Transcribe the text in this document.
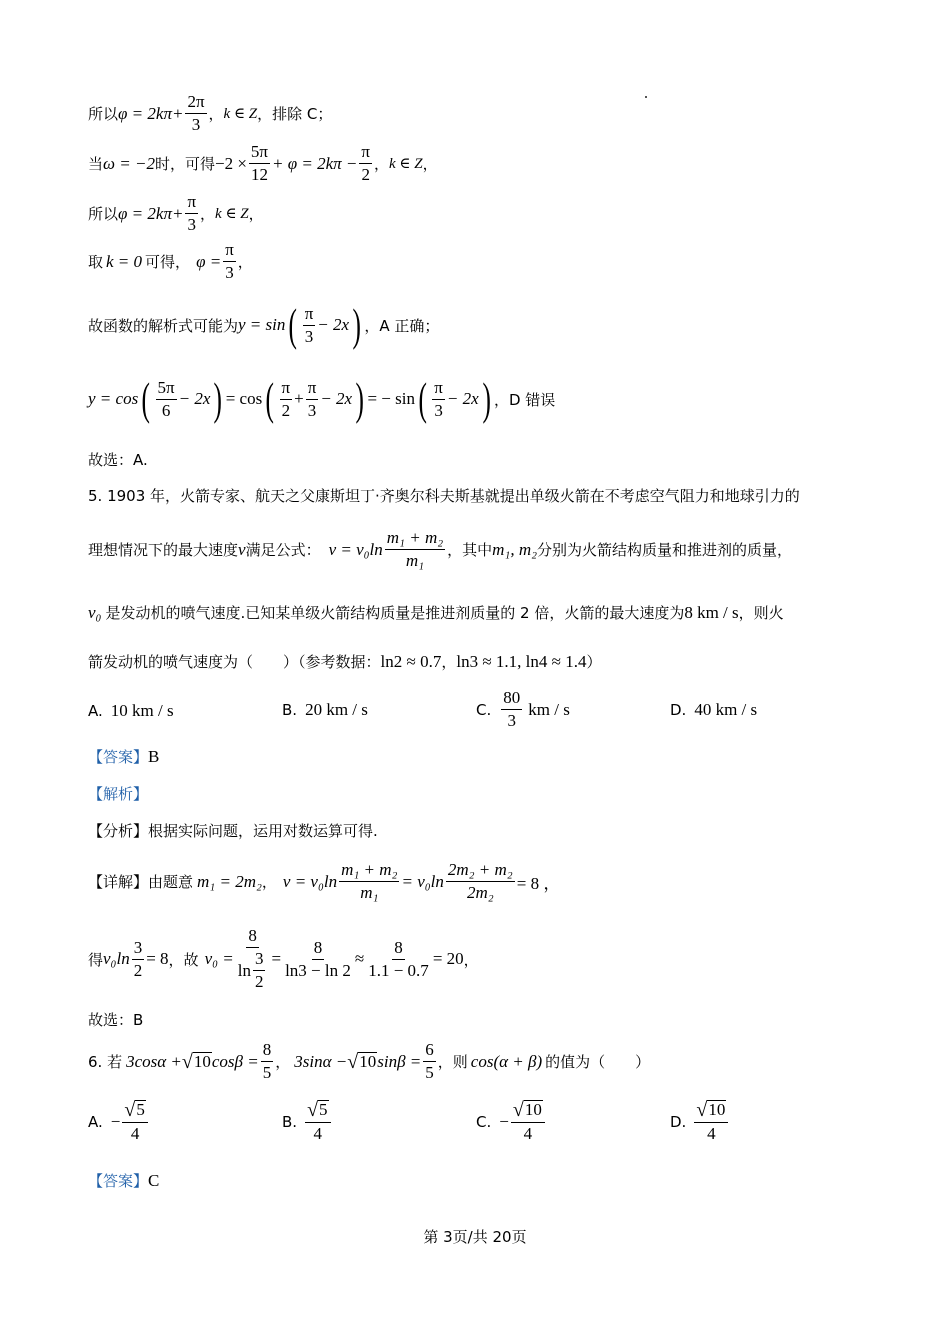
所以 $\varphi = 2k\pi+ \frac{2\pi}{3}$ ， k ∈ Z ，排除 C；
当 ω = −2 时，可得 $-2 \times \frac{5\pi}{12} + \varphi = 2k\pi - \frac{\pi}{2}$ ， k ∈ Z ，
所以 $\varphi = 2k\pi+ \frac{\pi}{3}$ ， k ∈ Z ，
取 k = 0 可得， $\varphi = \frac{\pi}{3}$ ，
故函数的解析式可能为 y = sin ( $\frac{\pi}{3} - 2x$ ) ，A 正确；
y = cos ( $\frac{5\pi}{6} - 2x$ ) = cos ( $\frac{\pi}{2} + \frac{\pi}{3} - 2x$ ) = − sin ( $\frac{\pi}{3} - 2x$ ) ，D 错误
故选：A.
5. 1903 年，火箭专家、航天之父康斯坦丁·齐奥尔科夫斯基就提出单级火箭在不考虑空气阻力和地球引力的
理想情况下的最大速度 v 满足公式： $v = v_0\ln \frac{\text{m₁ + m₂}}{\text{m₁}}$ ，其中 m₁, m₂ 分别为火箭结构质量和推进剂的质量，
v₀ 是发动机的喷气速度.已知某单级火箭结构质量是推进剂质量的 2 倍，火箭的最大速度为 8 km / s ，则火
箭发动机的喷气速度为（　　）（参考数据： ln2 ≈ 0.7 ， ln3 ≈ 1.1, ln4 ≈ 1.4 ）
A. 10 km / s	B. 20 km / s	C. $\frac{80}{3}$ km / s	D. 40 km / s
【答案】 B
【解析】
【分析】 根据实际问题，运用对数运算可得.
【详解】 由题意 m₁ = 2m₂ ， $v = v_0\ln \frac{\text{m₁ + m₂}}{\text{m₁}} = v_0\ln \frac{\text{2m₂ + m₂}}{\text{2m₂}} = 8$ ，
得 $v_0\ln \frac{3}{2} = 8$ ，故 $v_0 = \frac{8}{\ln \frac{3}{2}} = \frac{8}{\ln 3 - \ln 2} \approx \frac{8}{1.1 - 0.7} = 20$ ，
故选：B
6. 若 3cosα + √ 10 $\cos\beta = \frac{8}{5}$ ， 3sinα − √ 10 $\sin\beta = \frac{6}{5}$ ，则 cos(α + β) 的值为（　　）
A. − $\frac{√ 5}{4}$	B. $\frac{√ 5}{4}$	C. − $\frac{√ 10}{4}$	D. $\frac{√ 10}{4}$
【答案】 C
第 3页/共 20页
